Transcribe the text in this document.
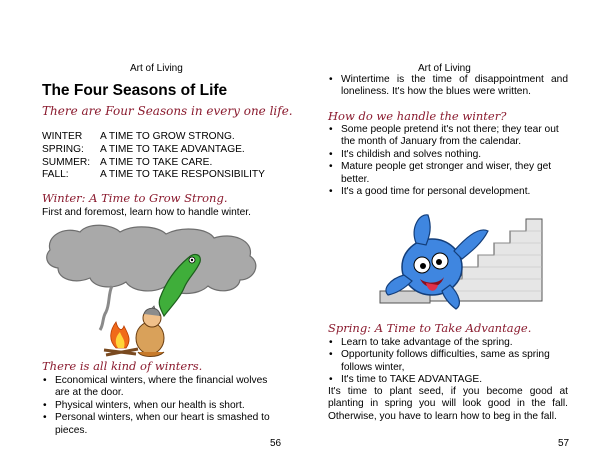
Art of Living
The Four Seasons of Life
There are Four Seasons in every one life.
WINTER	A TIME TO GROW STRONG.
SPRING:	A TIME TO TAKE ADVANTAGE.
SUMMER:	A TIME TO TAKE CARE.
FALL:	A TIME TO TAKE RESPONSIBILITY
Winter: A Time to Grow Strong.
First and foremost, learn how to handle winter.
There is all kind of winters.
• Economical winters, where the financial wolves are at the door.
• Physical winters, when our health is short.
• Personal winters, when our heart is smashed to pieces.
56
Art of Living
• Wintertime is the time of disappointment and loneliness. It's how the blues were written.
How do we handle the winter?
• Some people pretend it's not there; they tear out the month of January from the calendar.
• It's childish and solves nothing.
• Mature people get stronger and wiser, they get better.
• It's a good time for personal development.
Spring: A Time to Take Advantage.
• Learn to take advantage of the spring.
• Opportunity follows difficulties, same as spring follows winter,
• It's time to TAKE ADVANTAGE.
It's time to plant seed, if you become good at planting in spring you will look good in the fall. Otherwise, you have to learn how to beg in the fall.
57
